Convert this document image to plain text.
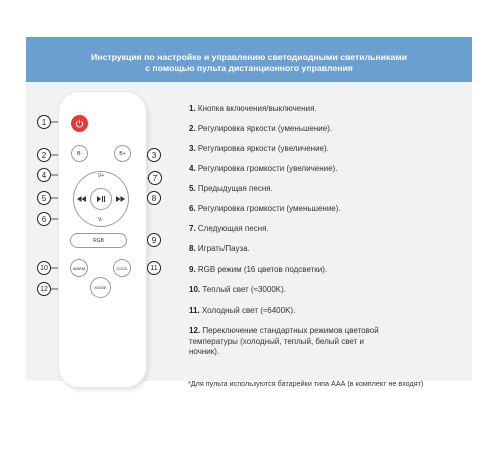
Инструкция по настройке и управлению светодиодными светильниками
с помощью пульта дистанционного управления
B-	B+
V+
V-
RGB
WARM	COOL
MODE
1
2	3
4
5
6
7
8
9
10	11
12
1. Кнопка включения/выключения.
2. Регулировка яркости (уменьшение).
3. Регулировка яркости (увеличение).
4. Регулировка громкости (увеличение).
5. Предыдущая песня.
6. Регулировка громкости (уменьшение).
7. Следующая песня.
8. Играть/Пауза.
9. RGB режим (16 цветов подсветки).
10. Теплый свет (≈3000K).
11. Холодный свет (≈6400K).
12. Переключение стандартных режимов цветовой температуры (холодный, теплый, белый свет и ночник).
*Для пульта используются батарейки типа ААА (в комплект не входят)
